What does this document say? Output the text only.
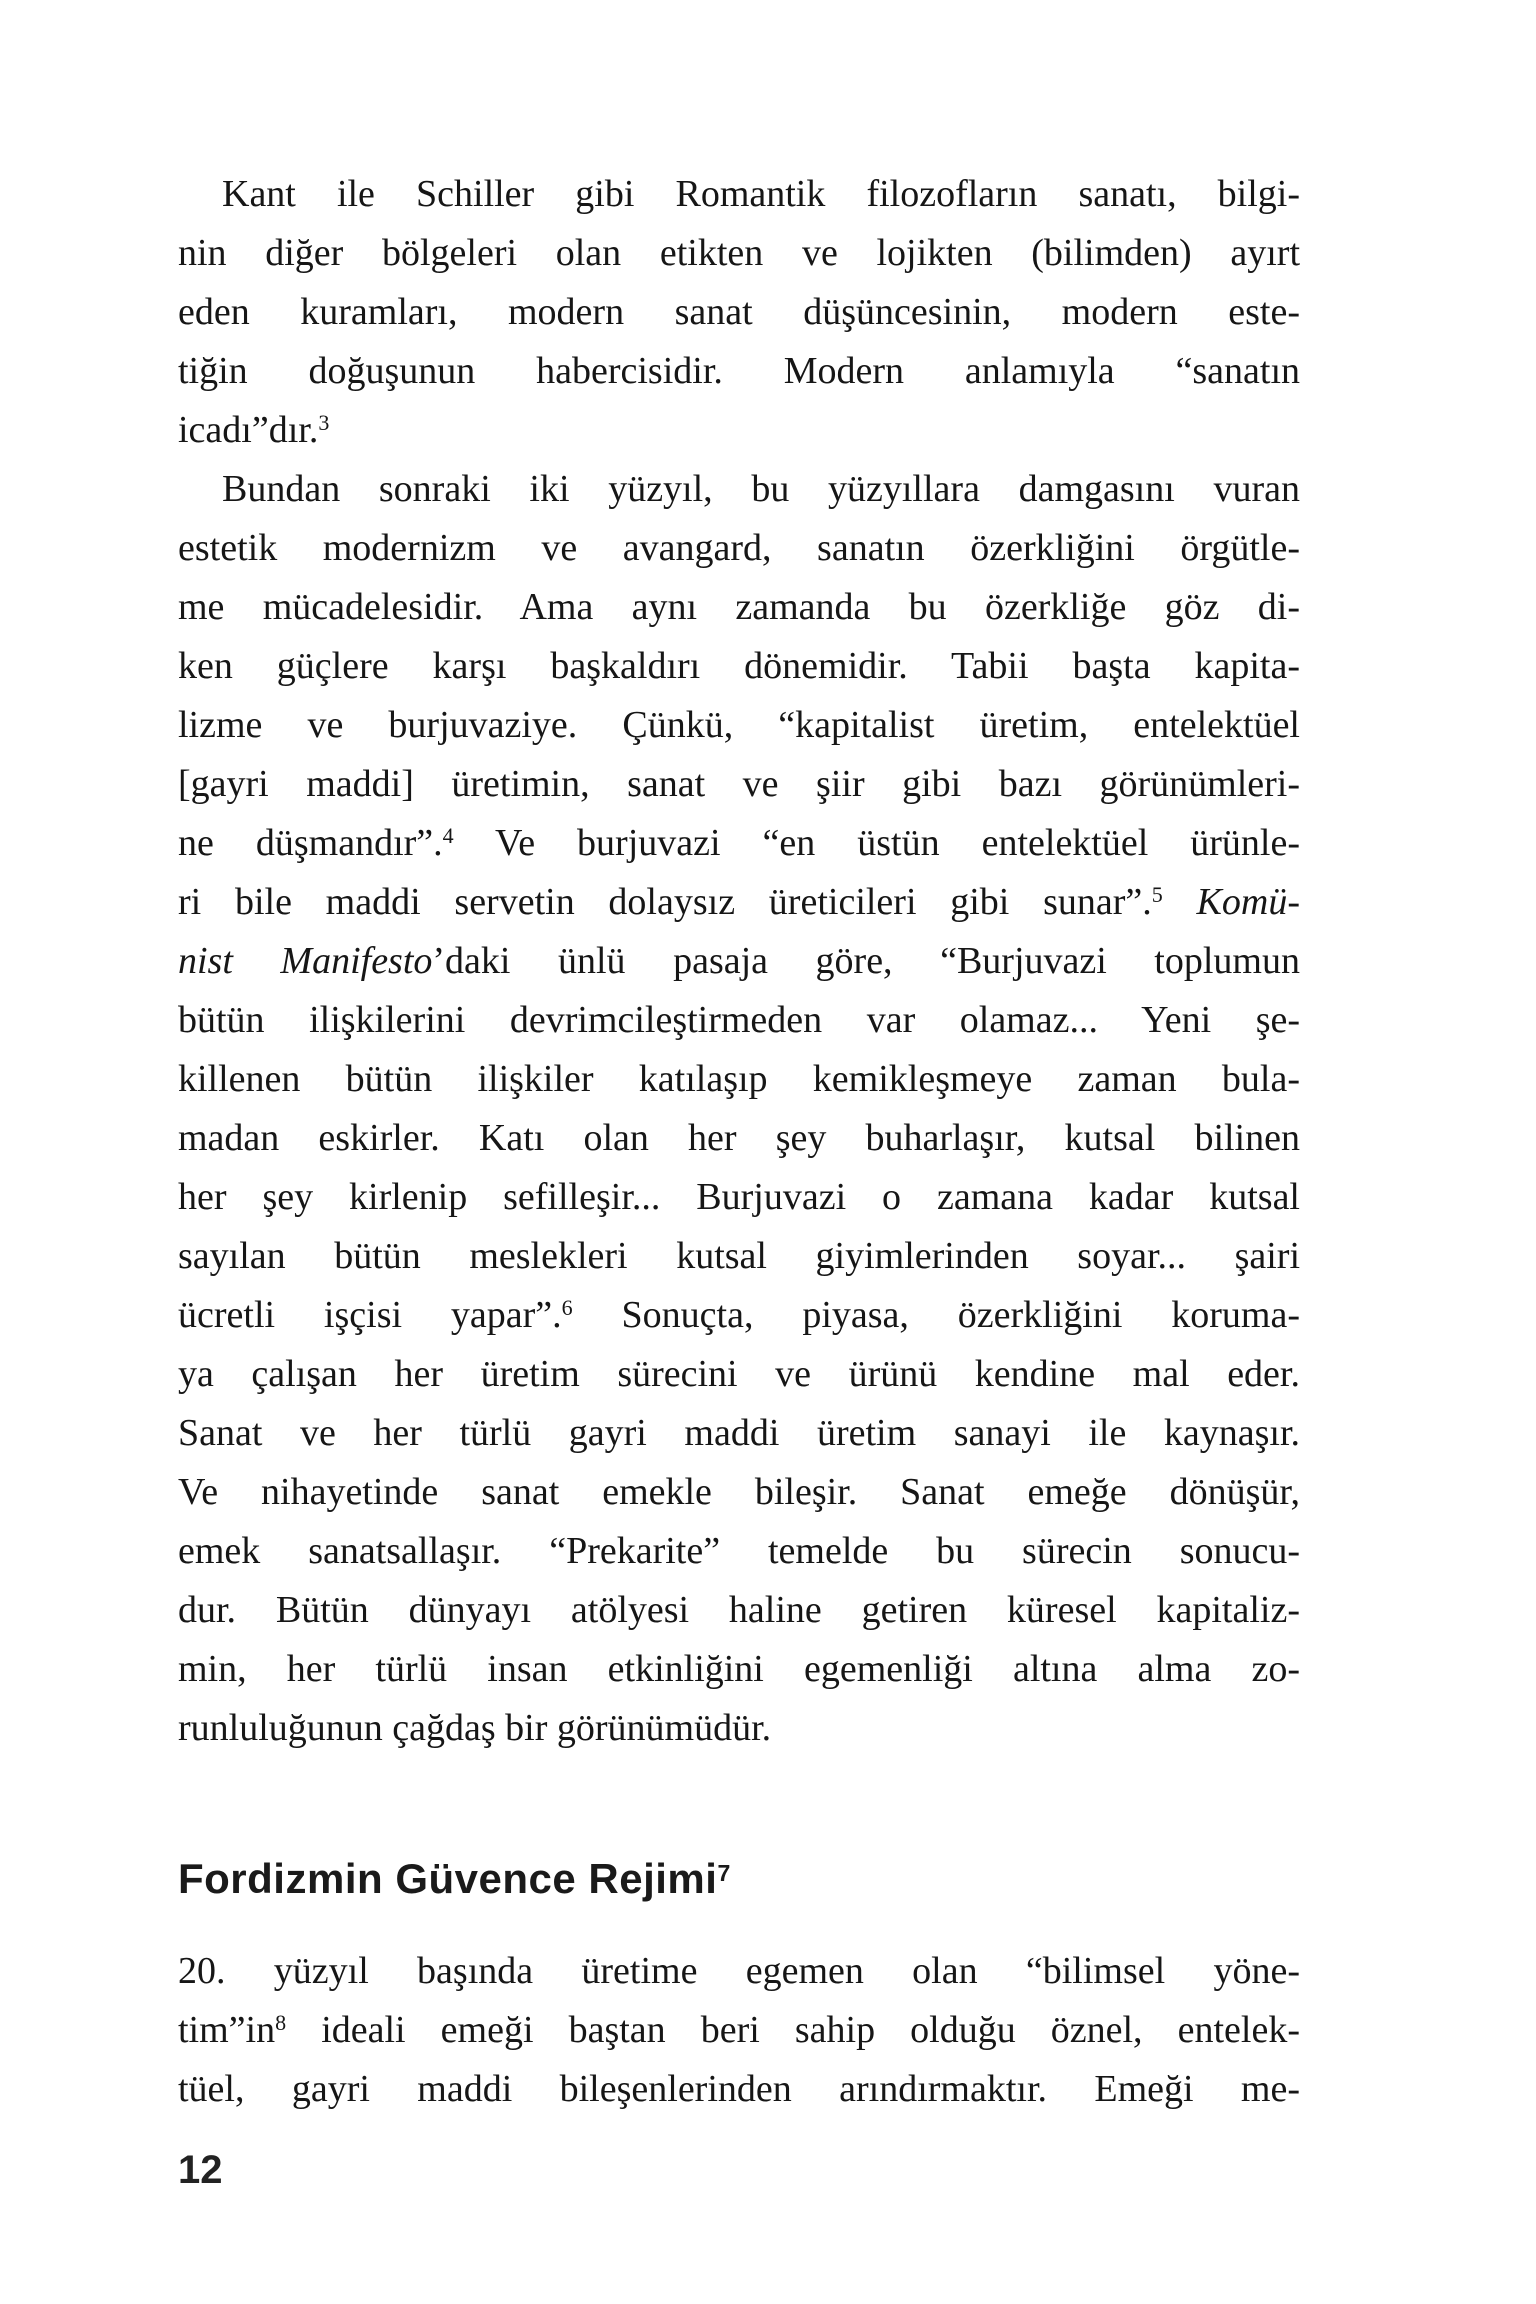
Kant ile Schiller gibi Romantik filozofların sanatı, bilgi-
nin diğer bölgeleri olan etikten ve lojikten (bilimden) ayırt
eden kuramları, modern sanat düşüncesinin, modern este-
tiğin doğuşunun habercisidir. Modern anlamıyla “sanatın
icadı”dır.$^3$
Bundan sonraki iki yüzyıl, bu yüzyıllara damgasını vuran
estetik modernizm ve avangard, sanatın özerkliğini örgütle-
me mücadelesidir. Ama aynı zamanda bu özerkliğe göz di-
ken güçlere karşı başkaldırı dönemidir. Tabii başta kapita-
lizme ve burjuvaziye. Çünkü, “kapitalist üretim, entelektüel
[gayri maddi] üretimin, sanat ve şiir gibi bazı görünümleri-
ne düşmandır”.$^4$ Ve burjuvazi “en üstün entelektüel ürünle-
ri bile maddi servetin dolaysız üreticileri gibi sunar”.$^5$ Komü-
nist Manifesto’daki ünlü pasaja göre, “Burjuvazi toplumun
bütün ilişkilerini devrimcileştirmeden var olamaz... Yeni şe-
killenen bütün ilişkiler katılaşıp kemikleşmeye zaman bula-
madan eskirler. Katı olan her şey buharlaşır, kutsal bilinen
her şey kirlenip sefilleşir... Burjuvazi o zamana kadar kutsal
sayılan bütün meslekleri kutsal giyimlerinden soyar... şairi
ücretli işçisi yapar”.$^6$ Sonuçta, piyasa, özerkliğini koruma-
ya çalışan her üretim sürecini ve ürünü kendine mal eder.
Sanat ve her türlü gayri maddi üretim sanayi ile kaynaşır.
Ve nihayetinde sanat emekle bileşir. Sanat emeğe dönüşür,
emek sanatsallaşır. “Prekarite” temelde bu sürecin sonucu-
dur. Bütün dünyayı atölyesi haline getiren küresel kapitaliz-
min, her türlü insan etkinliğini egemenliği altına alma zo-
runluluğunun çağdaş bir görünümüdür.
Fordizmin Güvence Rejimi$^7$
20. yüzyıl başında üretime egemen olan “bilimsel yöne-
$tim”in^8$ ideali emeği baştan beri sahip olduğu öznel, entelek-
tüel, gayri maddi bileşenlerinden arındırmaktır. Emeği me-
12
